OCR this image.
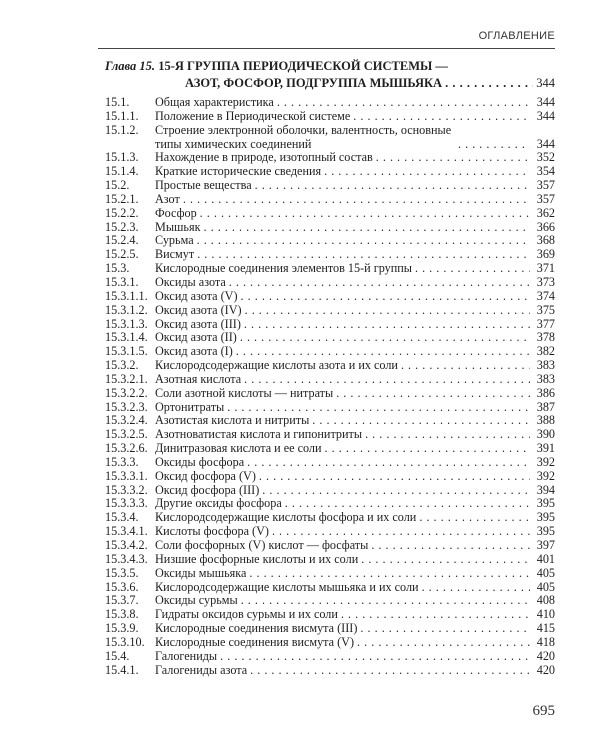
ОГЛАВЛЕНИЕ
Глава 15. 15-Я ГРУППА ПЕРИОДИЧЕСКОЙ СИСТЕМЫ —
АЗОТ, ФОСФОР, ПОДГРУППА МЫШЬЯКА . . .	344
15.1.	Общая характеристика . . .	344
15.1.1.	Положение в Периодической системе . . .	344
15.1.2.	Строение электронной оболочки, валентность, основные типы химических соединений . . .	344
15.1.3.	Нахождение в природе, изотопный состав . . .	352
15.1.4.	Краткие исторические сведения . . .	354
15.2.	Простые вещества . . .	357
15.2.1.	Азот . . .	357
15.2.2.	Фосфор . . .	362
15.2.3.	Мышьяк . . .	366
15.2.4.	Сурьма . . .	368
15.2.5.	Висмут . . .	369
15.3.	Кислородные соединения элементов 15-й группы . . .	371
15.3.1.	Оксиды азота . . .	373
15.3.1.1. Оксид азота (V) . . .	374
15.3.1.2. Оксид азота (IV) . . .	375
15.3.1.3. Оксид азота (III) . . .	377
15.3.1.4. Оксид азота (II) . . .	378
15.3.1.5. Оксид азота (I) . . .	382
15.3.2.	Кислородсодержащие кислоты азота и их соли . . .	383
15.3.2.1. Азотная кислота . . .	383
15.3.2.2. Соли азотной кислоты — нитраты . . .	386
15.3.2.3. Ортонитраты . . .	387
15.3.2.4. Азотистая кислота и нитриты . . .	388
15.3.2.5. Азотноватистая кислота и гипонитриты . . .	390
15.3.2.6. Динитразовая кислота и ее соли . . .	391
15.3.3.	Оксиды фосфора . . .	392
15.3.3.1. Оксид фосфора (V) . . .	392
15.3.3.2. Оксид фосфора (III) . . .	394
15.3.3.3. Другие оксиды фосфора . . .	395
15.3.4.	Кислородсодержащие кислоты фосфора и их соли . . .	395
15.3.4.1. Кислоты фосфора (V) . . .	395
15.3.4.2. Соли фосфорных (V) кислот — фосфаты . . .	397
15.3.4.3. Низшие фосфорные кислоты и их соли . . .	401
15.3.5.	Оксиды мышьяка . . .	405
15.3.6.	Кислородсодержащие кислоты мышьяка и их соли . . .	405
15.3.7.	Оксиды сурьмы . . .	408
15.3.8.	Гидраты оксидов сурьмы и их соли . . .	410
15.3.9.	Кислородные соединения висмута (III) . . .	415
15.3.10. Кислородные соединения висмута (V) . . .	418
15.4.	Галогениды . . .	420
15.4.1.	Галогениды азота . . .	420
695
